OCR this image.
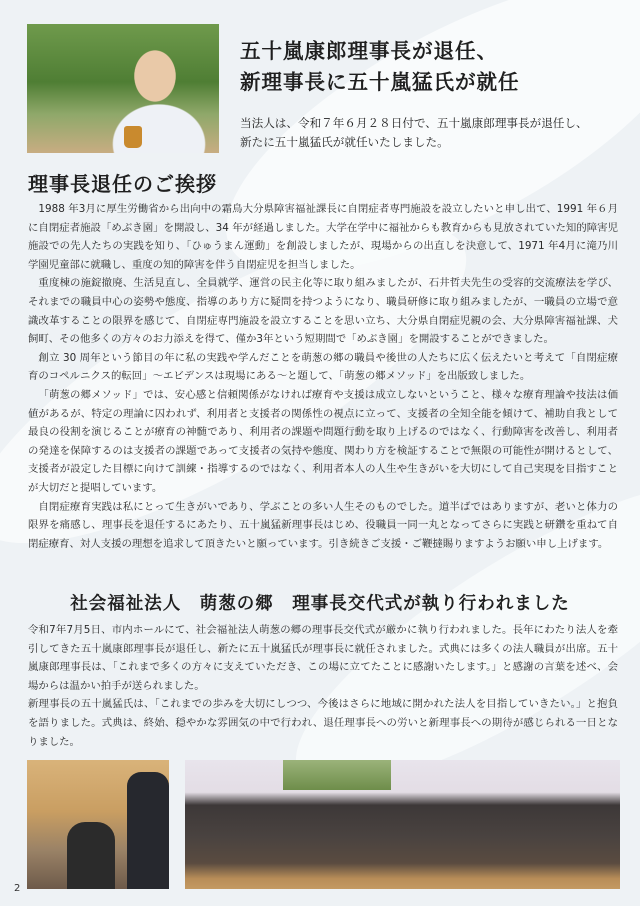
五十嵐康郎理事長が退任、
新理事長に五十嵐猛氏が就任

当法人は、令和７年６月２８日付で、五十嵐康郎理事長が退任し、
新たに五十嵐猛氏が就任いたしました。

理事長退任のご挨拶

1988 年3月に厚生労働省から出向中の霜鳥大分県障害福祉課長に自閉症者専門施設を設立したいと申し出て、1991 年６月に自閉症者施設「めぶき園」を開設し、34 年が経過しました。大学在学中に福祉からも教育からも見放されていた知的障害児施設での先人たちの実践を知り、「ひゅうまん運動」を創設しましたが、現場からの出直しを決意して、1971 年4月に滝乃川学園児童部に就職し、重度の知的障害を伴う自閉症児を担当しました。

重度棟の施錠撤廃、生活見直し、全員就学、運営の民主化等に取り組みましたが、石井哲夫先生の受容的交流療法を学び、それまでの職員中心の姿勢や態度、指導のあり方に疑問を持つようになり、職員研修に取り組みましたが、一職員の立場で意識改革することの限界を感じて、自閉症専門施設を設立することを思い立ち、大分県自閉症児親の会、大分県障害福祉課、犬飼町、その他多くの方々のお力添えを得て、僅か3年という短期間で「めぶき園」を開設することができました。

創立 30 周年という節目の年に私の実践や学んだことを萌葱の郷の職員や後世の人たちに広く伝えたいと考えて「自閉症療育のコペルニクス的転回」～エビデンスは現場にある～と題して、「萌葱の郷メソッド」を出版致しました。

「萌葱の郷メソッド」では、安心感と信頼関係がなければ療育や支援は成立しないということ、様々な療育理論や技法は価値があるが、特定の理論に囚われず、利用者と支援者の関係性の視点に立って、支援者の全知全能を傾けて、補助自我として最良の役割を演じることが療育の神髄であり、利用者の課題や問題行動を取り上げるのではなく、行動障害を改善し、利用者の発達を保障するのは支援者の課題であって支援者の気持や態度、関わり方を検証することで無限の可能性が開けるとして、支援者が設定した目標に向けて訓練・指導するのではなく、利用者本人の人生や生きがいを大切にして自己実現を目指すことが大切だと提唱しています。

自閉症療育実践は私にとって生きがいであり、学ぶことの多い人生そのものでした。道半ばではありますが、老いと体力の限界を痛感し、理事長を退任するにあたり、五十嵐猛新理事長はじめ、役職員一同一丸となってさらに実践と研鑽を重ねて自閉症療育、対人支援の理想を追求して頂きたいと願っています。引き続きご支援・ご鞭撻賜りますようお願い申し上げます。

社会福祉法人　萌葱の郷　理事長交代式が執り行われました

令和7年7月5日、市内ホールにて、社会福祉法人萌葱の郷の理事長交代式が厳かに執り行われました。長年にわたり法人を牽引してきた五十嵐康郎理事長が退任し、新たに五十嵐猛氏が理事長に就任されました。式典には多くの法人職員が出席。五十嵐康郎理事長は、「これまで多くの方々に支えていただき、この場に立てたことに感謝いたします。」と感謝の言葉を述べ、会場からは温かい拍手が送られました。

新理事長の五十嵐猛氏は、「これまでの歩みを大切にしつつ、今後はさらに地域に開かれた法人を目指していきたい。」と抱負を語りました。式典は、終始、穏やかな雰囲気の中で行われ、退任理事長への労いと新理事長への期待が感じられる一日となりました。

2
